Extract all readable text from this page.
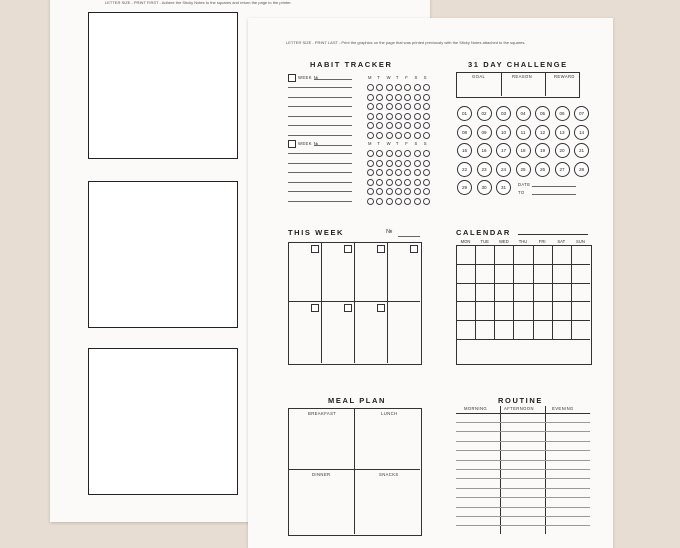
LETTER SIZE - PRINT FIRST - Adhere the Sticky Notes to the squares and return the page to the printer.
LETTER SIZE - PRINT LAST - Print the graphics on the page that was printed previously with the Sticky Notes attached to the squares.
HABIT TRACKER
WEEK №	M T W T F S S
WEEK №	M T W T F S S
31 DAY CHALLENGE
GOAL	REASON	REWARD
01	02	03	04	05	06	07
08	09	10	11	12	13	14
15	16	17	18	19	20	21
22	23	24	25	26	27	28
29	30	31
DATE
TO
THIS WEEK	№	CALENDAR
MON	TUE	WED	THU	FRI	SAT	SUN
MEAL PLAN
BREAKFAST	LUNCH
DINNER	SNACKS
ROUTINE
MORNING	AFTERNOON	EVENING
